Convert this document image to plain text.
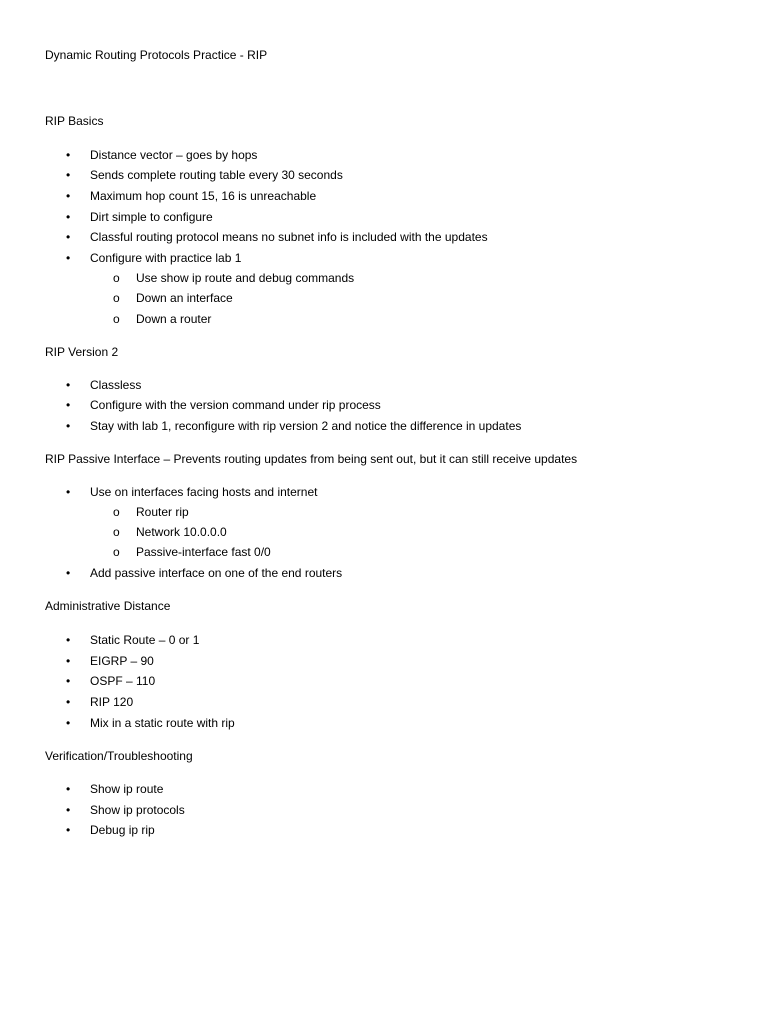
Dynamic Routing Protocols Practice - RIP
RIP Basics
• Distance vector – goes by hops
• Sends complete routing table every 30 seconds
• Maximum hop count 15, 16 is unreachable
• Dirt simple to configure
• Classful routing protocol means no subnet info is included with the updates
• Configure with practice lab 1
o Use show ip route and debug commands
o Down an interface
o Down a router
RIP Version 2
• Classless
• Configure with the version command under rip process
• Stay with lab 1, reconfigure with rip version 2 and notice the difference in updates
RIP Passive Interface – Prevents routing updates from being sent out, but it can still receive updates
• Use on interfaces facing hosts and internet
o Router rip
o Network 10.0.0.0
o Passive-interface fast 0/0
• Add passive interface on one of the end routers
Administrative Distance
• Static Route – 0 or 1
• EIGRP – 90
• OSPF – 110
• RIP 120
• Mix in a static route with rip
Verification/Troubleshooting
• Show ip route
• Show ip protocols
• Debug ip rip
